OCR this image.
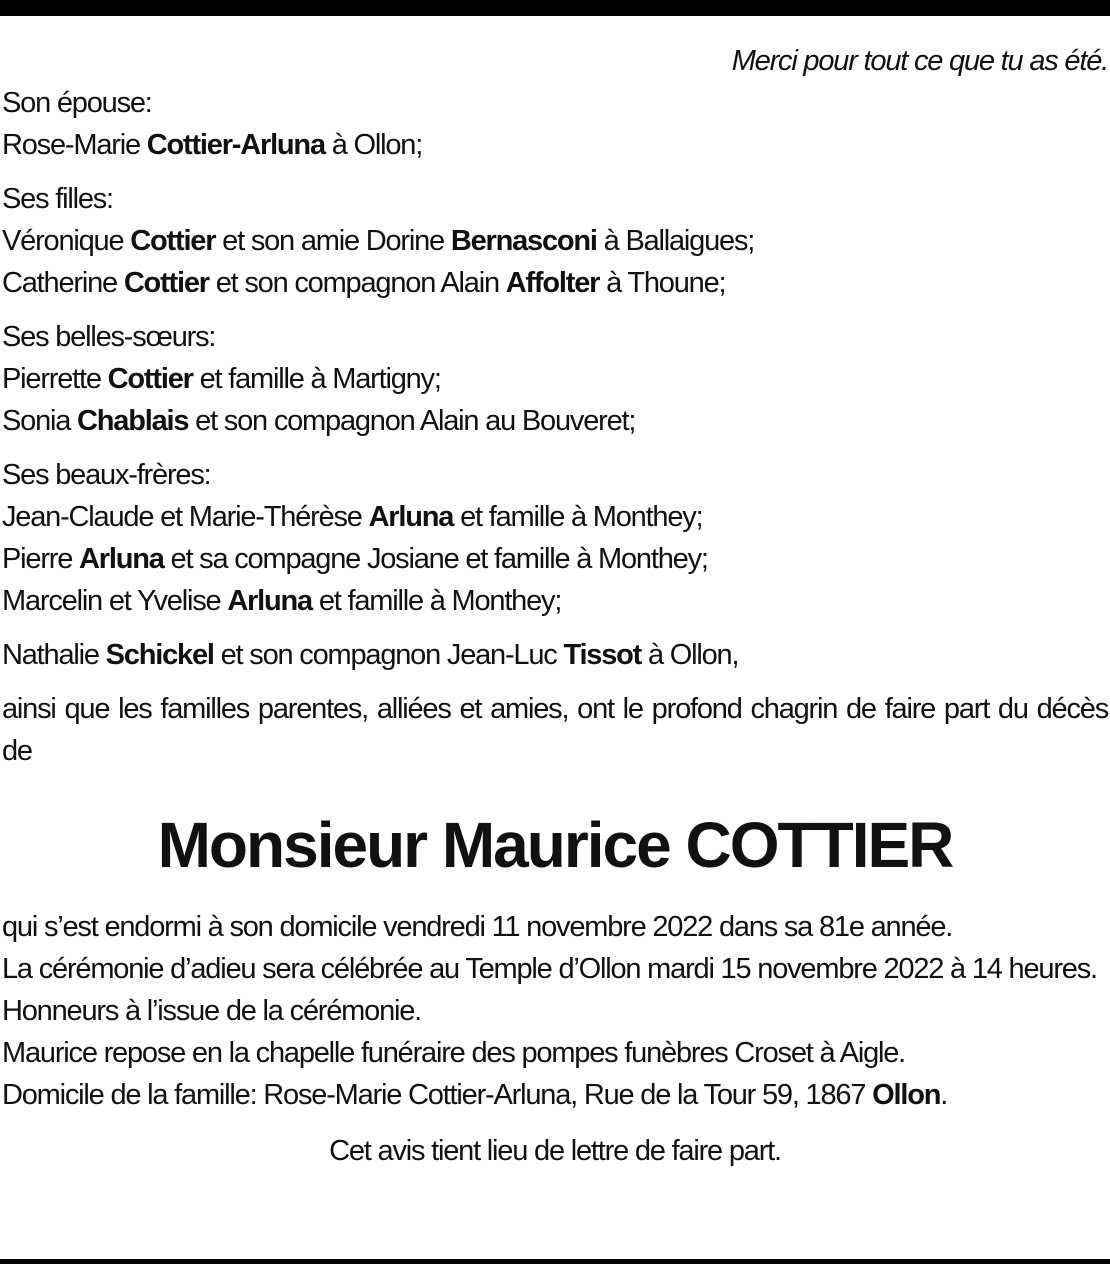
Merci pour tout ce que tu as été.
Son épouse:
Rose-Marie Cottier-Arluna à Ollon;
Ses filles:
Véronique Cottier et son amie Dorine Bernasconi à Ballaigues;
Catherine Cottier et son compagnon Alain Affolter à Thoune;
Ses belles-sœurs:
Pierrette Cottier et famille à Martigny;
Sonia Chablais et son compagnon Alain au Bouveret;
Ses beaux-frères:
Jean-Claude et Marie-Thérèse Arluna et famille à Monthey;
Pierre Arluna et sa compagne Josiane et famille à Monthey;
Marcelin et Yvelise Arluna et famille à Monthey;
Nathalie Schickel et son compagnon Jean-Luc Tissot à Ollon,
ainsi que les familles parentes, alliées et amies, ont le profond chagrin de faire part du décès de
Monsieur Maurice COTTIER
qui s’est endormi à son domicile vendredi 11 novembre 2022 dans sa 81e année.
La cérémonie d’adieu sera célébrée au Temple d’Ollon mardi 15 novembre 2022 à 14 heures.
Honneurs à l’issue de la cérémonie.
Maurice repose en la chapelle funéraire des pompes funèbres Croset à Aigle.
Domicile de la famille: Rose-Marie Cottier-Arluna, Rue de la Tour 59, 1867 Ollon.
Cet avis tient lieu de lettre de faire part.
